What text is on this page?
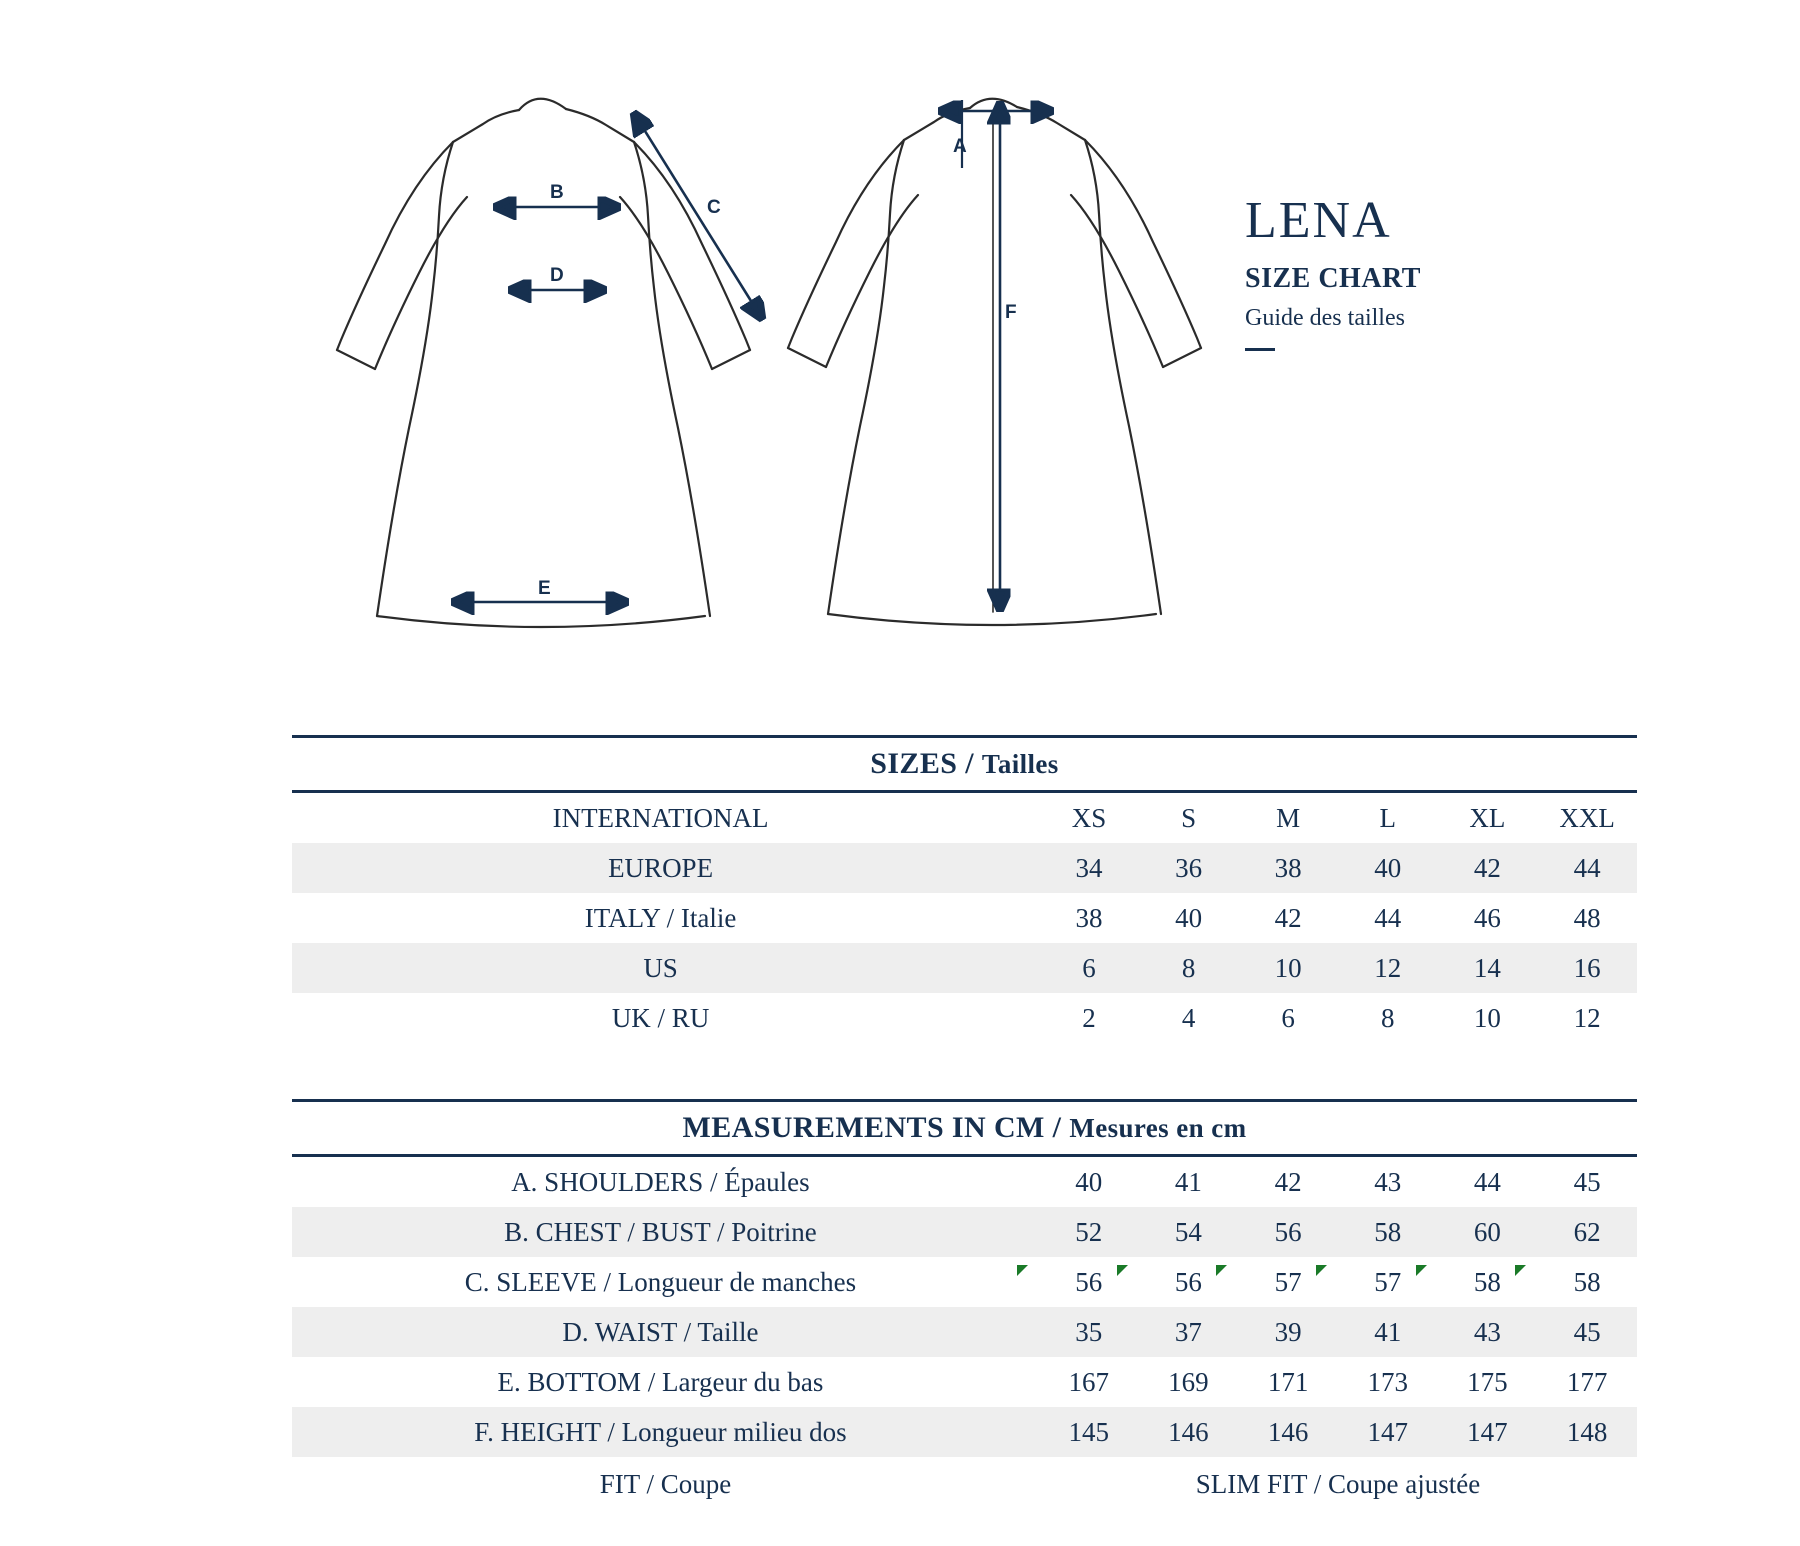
B
D
E
C
A
F
LENA
SIZE CHART
Guide des tailles
SIZES / Tailles						
INTERNATIONAL	XS	S	M	L	XL	XXL
EUROPE	34	36	38	40	42	44
ITALY / Italie	38	40	42	44	46	48
US	6	8	10	12	14	16
UK / RU	2	4	6	8	10	12

MEASUREMENTS IN CM / Mesures en cm						
A. SHOULDERS / Épaules	40	41	42	43	44	45
B. CHEST / BUST / Poitrine	52	54	56	58	60	62
C. SLEEVE / Longueur de manches	56	56	57	57	58	58
D. WAIST / Taille	35	37	39	41	43	45
E. BOTTOM / Largeur du bas	167	169	171	173	175	177
F. HEIGHT / Longueur milieu dos	145	146	146	147	147	148
FIT / Coupe	SLIM FIT / Coupe ajustée					
